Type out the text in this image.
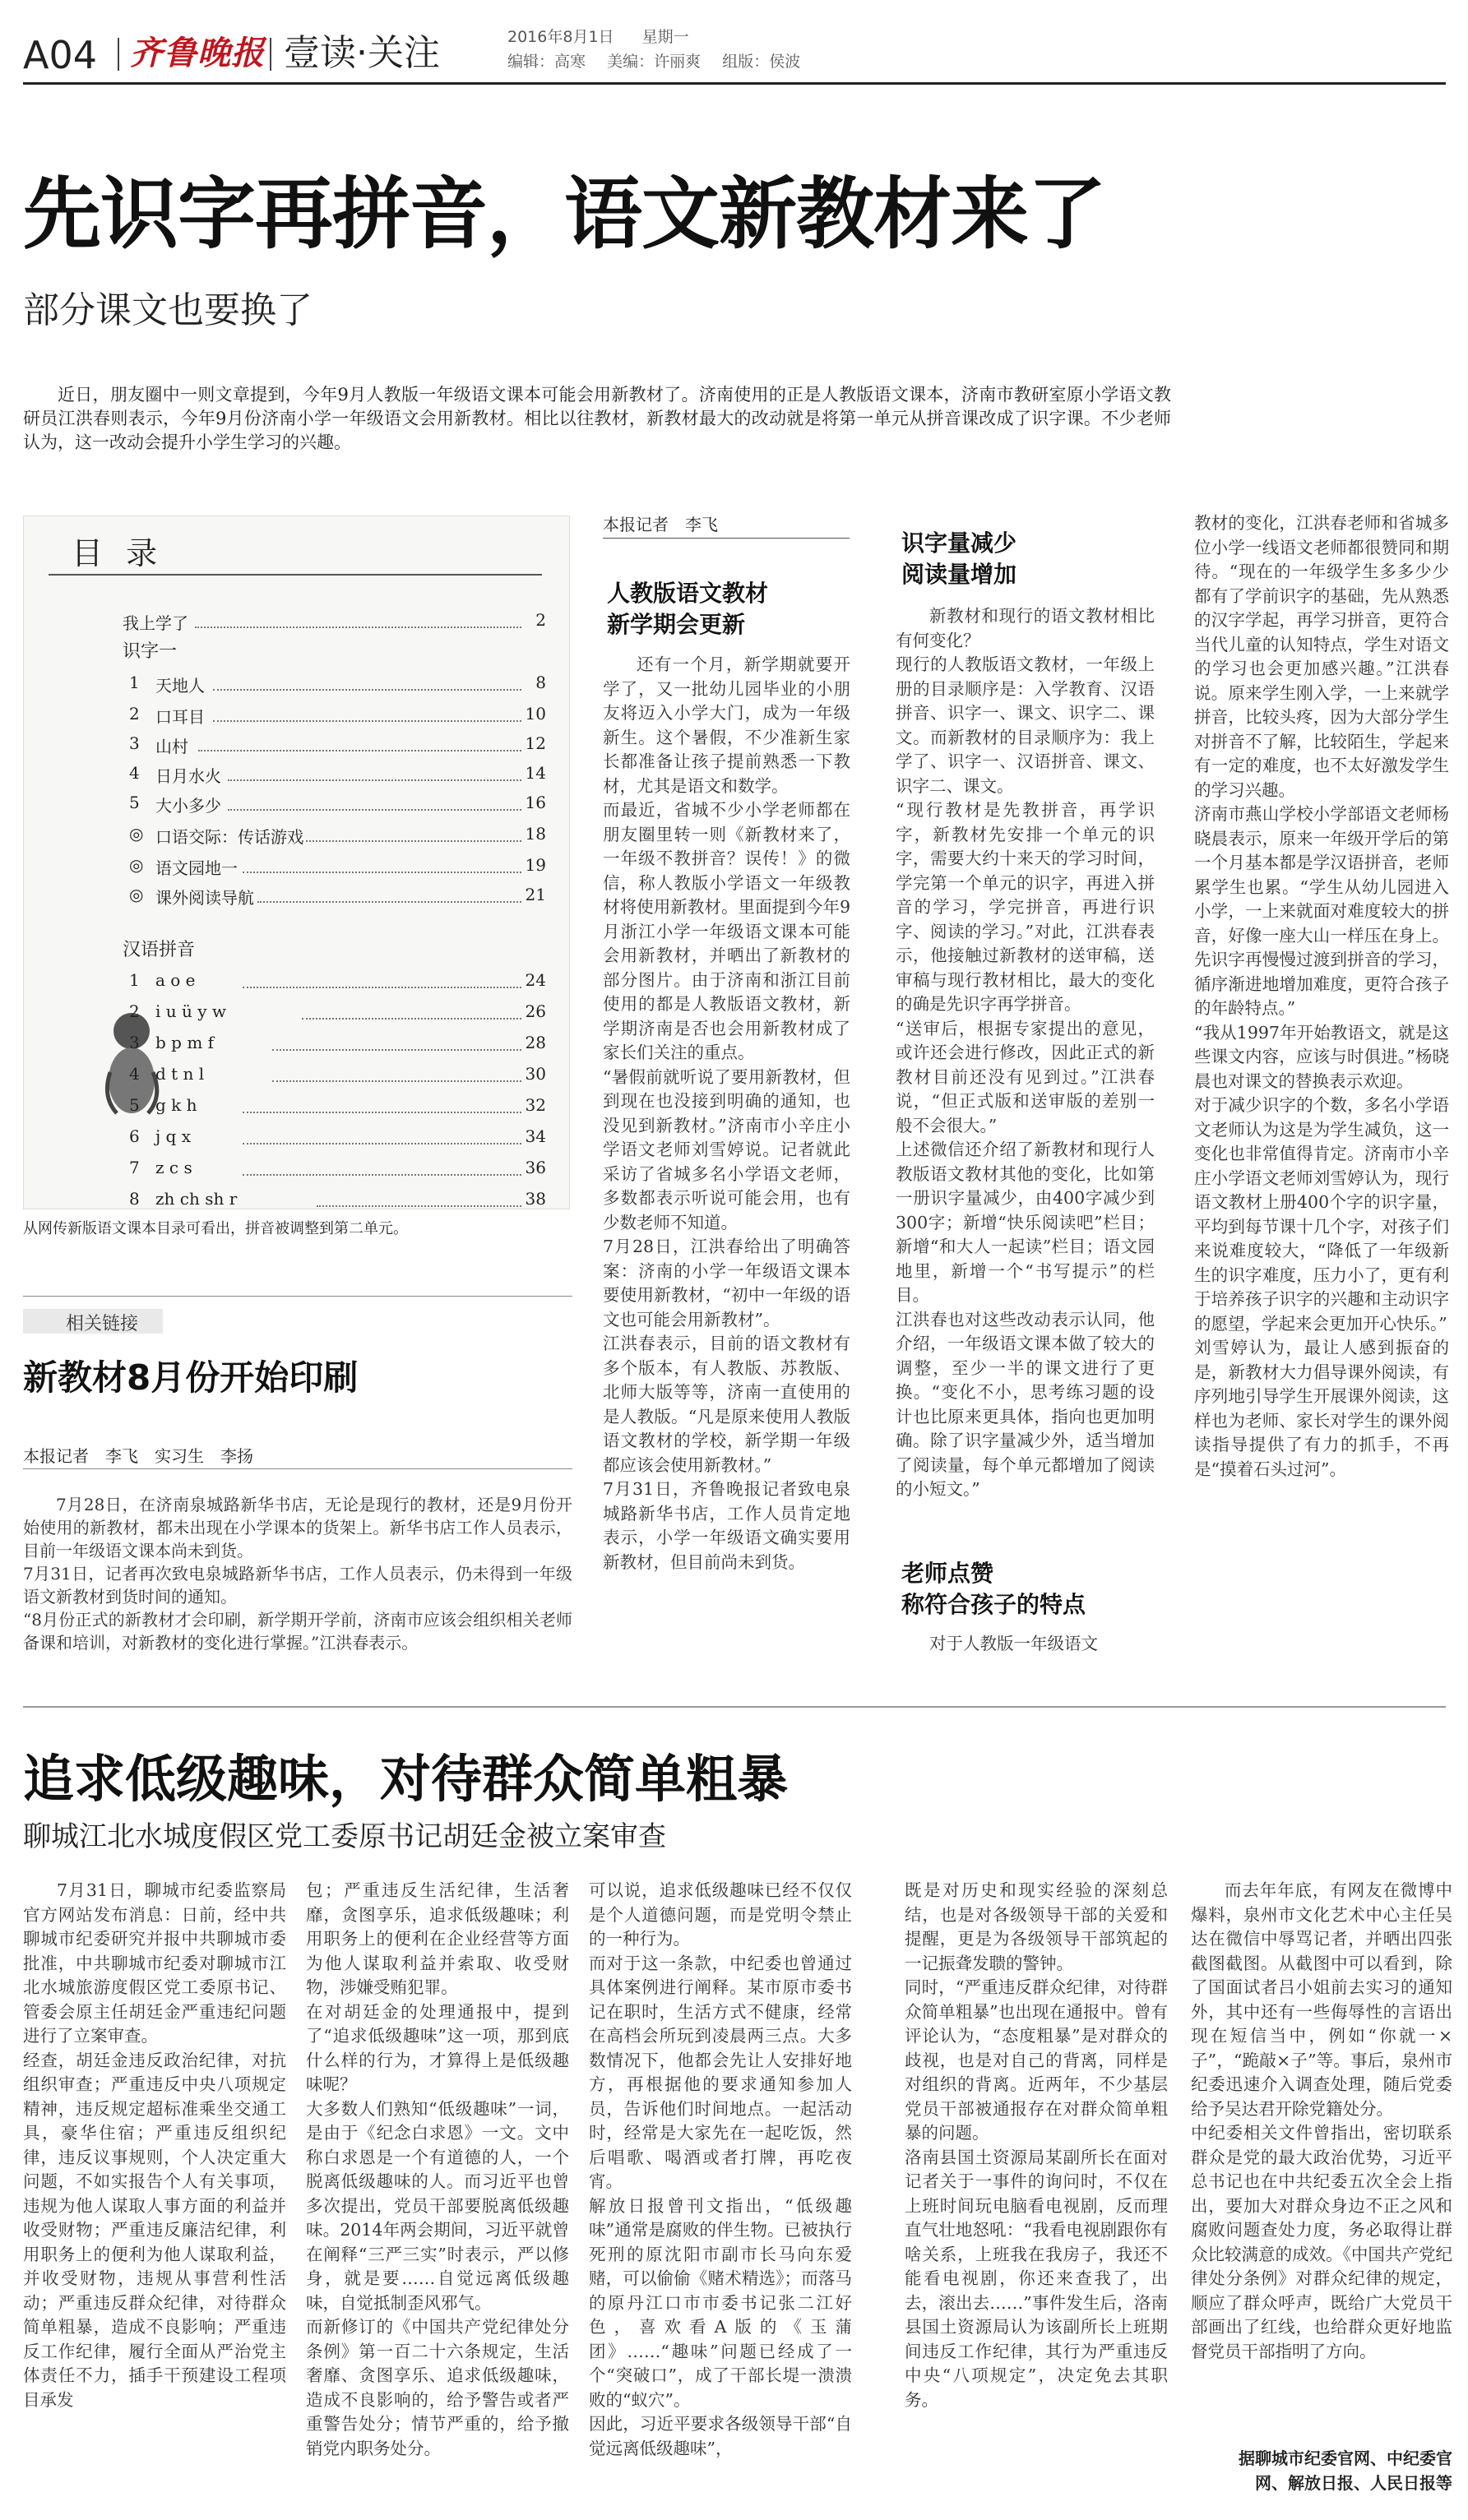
A04 齐鲁晚报 壹读·关注	2016年8月1日 星期一
编辑：高寒 美编：许丽爽 组版：侯波
先识字再拼音，语文新教材来了
部分课文也要换了
近日，朋友圈中一则文章提到，今年9月人教版一年级语文课本可能会用新教材了。济南使用的正是人教版语文课本，济南市教研室原小学语文教研员江洪春则表示，今年9月份济南小学一年级语文会用新教材。相比以往教材，新教材最大的改动就是将第一单元从拼音课改成了识字课。不少老师认为，这一改动会提升小学生学习的兴趣。
目 录
我上学了	2
识字一
1 天地人	8
2 口耳目	10
3 山村	12
4 日月水火	14
5 大小多少	16
◎ 口语交际：传话游戏	18
◎ 语文园地一	19
◎ 课外阅读导航	21
汉语拼音
1 a o e	24
2 i u ü y w	26
3 b p m f	28
4 d t n l	30
5 g k h	32
6 j q x	34
7 z c s	36
8 zh ch sh r	38
从网传新版语文课本目录可看出，拼音被调整到第二单元。
本报记者　李飞
人教版语文教材
新学期会更新
还有一个月，新学期就要开学了，又一批幼儿园毕业的小朋友将迈入小学大门，成为一年级新生。这个暑假，不少准新生家长都准备让孩子提前熟悉一下教材，尤其是语文和数学。
而最近，省城不少小学老师都在朋友圈里转一则《新教材来了，一年级不教拼音？误传！》的微信，称人教版小学语文一年级教材将使用新教材。里面提到今年9月浙江小学一年级语文课本可能会用新教材，并晒出了新教材的部分图片。由于济南和浙江目前使用的都是人教版语文教材，新学期济南是否也会用新教材成了家长们关注的重点。
“暑假前就听说了要用新教材，但到现在也没接到明确的通知，也没见到新教材。”济南市小辛庄小学语文老师刘雪婷说。记者就此采访了省城多名小学语文老师，多数都表示听说可能会用，也有少数老师不知道。
7月28日，江洪春给出了明确答案：济南的小学一年级语文课本要使用新教材，“初中一年级的语文也可能会用新教材”。
江洪春表示，目前的语文教材有多个版本，有人教版、苏教版、北师大版等等，济南一直使用的是人教版。“凡是原来使用人教版语文教材的学校，新学期一年级都应该会使用新教材。”
7月31日，齐鲁晚报记者致电泉城路新华书店，工作人员肯定地表示，小学一年级语文确实要用新教材，但目前尚未到货。
识字量减少
阅读量增加
新教材和现行的语文教材相比有何变化？
现行的人教版语文教材，一年级上册的目录顺序是：入学教育、汉语拼音、识字一、课文、识字二、课文。而新教材的目录顺序为：我上学了、识字一、汉语拼音、课文、识字二、课文。
“现行教材是先教拼音，再学识字，新教材先安排一个单元的识字，需要大约十来天的学习时间，学完第一个单元的识字，再进入拼音的学习，学完拼音，再进行识字、阅读的学习。”对此，江洪春表示，他接触过新教材的送审稿，送审稿与现行教材相比，最大的变化的确是先识字再学拼音。
“送审后，根据专家提出的意见，或许还会进行修改，因此正式的新教材目前还没有见到过。”江洪春说，“但正式版和送审版的差别一般不会很大。”
上述微信还介绍了新教材和现行人教版语文教材其他的变化，比如第一册识字量减少，由400字减少到300字；新增“快乐阅读吧”栏目；新增“和大人一起读”栏目；语文园地里，新增一个“书写提示”的栏目。
江洪春也对这些改动表示认同，他介绍，一年级语文课本做了较大的调整，至少一半的课文进行了更换。“变化不小，思考练习题的设计也比原来更具体，指向也更加明确。除了识字量减少外，适当增加了阅读量，每个单元都增加了阅读的小短文。”
老师点赞
称符合孩子的特点
对于人教版一年级语文
教材的变化，江洪春老师和省城多位小学一线语文老师都很赞同和期待。“现在的一年级学生多多少少都有了学前识字的基础，先从熟悉的汉字学起，再学习拼音，更符合当代儿童的认知特点，学生对语文的学习也会更加感兴趣。”江洪春说。原来学生刚入学，一上来就学拼音，比较头疼，因为大部分学生对拼音不了解，比较陌生，学起来有一定的难度，也不太好激发学生的学习兴趣。
济南市燕山学校小学部语文老师杨晓晨表示，原来一年级开学后的第一个月基本都是学汉语拼音，老师累学生也累。“学生从幼儿园进入小学，一上来就面对难度较大的拼音，好像一座大山一样压在身上。先识字再慢慢过渡到拼音的学习，循序渐进地增加难度，更符合孩子的年龄特点。”
“我从1997年开始教语文，就是这些课文内容，应该与时俱进。”杨晓晨也对课文的替换表示欢迎。
对于减少识字的个数，多名小学语文老师认为这是为学生减负，这一变化也非常值得肯定。济南市小辛庄小学语文老师刘雪婷认为，现行语文教材上册400个字的识字量，平均到每节课十几个字，对孩子们来说难度较大，“降低了一年级新生的识字难度，压力小了，更有利于培养孩子识字的兴趣和主动识字的愿望，学起来会更加开心快乐。”
刘雪婷认为，最让人感到振奋的是，新教材大力倡导课外阅读，有序列地引导学生开展课外阅读，这样也为老师、家长对学生的课外阅读指导提供了有力的抓手，不再是“摸着石头过河”。
相关链接
新教材8月份开始印刷
本报记者　李飞　实习生　李扬
7月28日，在济南泉城路新华书店，无论是现行的教材，还是9月份开始使用的新教材，都未出现在小学课本的货架上。新华书店工作人员表示，目前一年级语文课本尚未到货。
7月31日，记者再次致电泉城路新华书店，工作人员表示，仍未得到一年级语文新教材到货时间的通知。
“8月份正式的新教材才会印刷，新学期开学前，济南市应该会组织相关老师备课和培训，对新教材的变化进行掌握。”江洪春表示。
追求低级趣味，对待群众简单粗暴
聊城江北水城度假区党工委原书记胡廷金被立案审查
7月31日，聊城市纪委监察局官方网站发布消息：日前，经中共聊城市纪委研究并报中共聊城市委批准，中共聊城市纪委对聊城市江北水城旅游度假区党工委原书记、管委会原主任胡廷金严重违纪问题进行了立案审查。
经查，胡廷金违反政治纪律，对抗组织审查；严重违反中央八项规定精神，违反规定超标准乘坐交通工具，豪华住宿；严重违反组织纪律，违反议事规则，个人决定重大问题，不如实报告个人有关事项，违规为他人谋取人事方面的利益并收受财物；严重违反廉洁纪律，利用职务上的便利为他人谋取利益，并收受财物，违规从事营利性活动；严重违反群众纪律，对待群众简单粗暴，造成不良影响；严重违反工作纪律，履行全面从严治党主体责任不力，插手干预建设工程项目承发
包；严重违反生活纪律，生活奢靡，贪图享乐，追求低级趣味；利用职务上的便利在企业经营等方面为他人谋取利益并索取、收受财物，涉嫌受贿犯罪。
在对胡廷金的处理通报中，提到了“追求低级趣味”这一项，那到底什么样的行为，才算得上是低级趣味呢？
大多数人们熟知“低级趣味”一词，是由于《纪念白求恩》一文。文中称白求恩是一个有道德的人，一个脱离低级趣味的人。而习近平也曾多次提出，党员干部要脱离低级趣味。2014年两会期间，习近平就曾在阐释“三严三实”时表示，严以修身，就是要……自觉远离低级趣味，自觉抵制歪风邪气。
而新修订的《中国共产党纪律处分条例》第一百二十六条规定，生活奢靡、贪图享乐、追求低级趣味，造成不良影响的，给予警告或者严重警告处分；情节严重的，给予撤销党内职务处分。
可以说，追求低级趣味已经不仅仅是个人道德问题，而是党明令禁止的一种行为。
而对于这一条款，中纪委也曾通过具体案例进行阐释。某市原市委书记在职时，生活方式不健康，经常在高档会所玩到凌晨两三点。大多数情况下，他都会先让人安排好地方，再根据他的要求通知参加人员，告诉他们时间地点。一起活动时，经常是大家先在一起吃饭，然后唱歌、喝酒或者打牌，再吃夜宵。
解放日报曾刊文指出，“低级趣味”通常是腐败的伴生物。已被执行死刑的原沈阳市副市长马向东爱赌，可以偷偷《赌术精选》；而落马的原丹江口市市委书记张二江好色，喜欢看A版的《玉蒲团》……“趣味”问题已经成了一个“突破口”，成了干部长堤一溃溃败的“蚁穴”。
因此，习近平要求各级领导干部“自觉远离低级趣味”，
既是对历史和现实经验的深刻总结，也是对各级领导干部的关爱和提醒，更是为各级领导干部筑起的一记振聋发聩的警钟。
同时，“严重违反群众纪律，对待群众简单粗暴”也出现在通报中。曾有评论认为，“态度粗暴”是对群众的歧视，也是对自己的背离，同样是对组织的背离。近两年，不少基层党员干部被通报存在对群众简单粗暴的问题。
洛南县国土资源局某副所长在面对记者关于一事件的询问时，不仅在上班时间玩电脑看电视剧，反而理直气壮地怒吼：“我看电视剧跟你有啥关系，上班我在我房子，我还不能看电视剧，你还来查我了，出去，滚出去……”事件发生后，洛南县国土资源局认为该副所长上班期间违反工作纪律，其行为严重违反中央“八项规定”，决定免去其职务。
而去年年底，有网友在微博中爆料，泉州市文化艺术中心主任吴达在微信中辱骂记者，并晒出四张截图截图。从截图中可以看到，除了国面试者吕小姐前去实习的通知外，其中还有一些侮辱性的言语出现在短信当中，例如“你就一×子”，“跪敲×子”等。事后，泉州市纪委迅速介入调查处理，随后党委给予吴达君开除党籍处分。
中纪委相关文件曾指出，密切联系群众是党的最大政治优势，习近平总书记也在中共纪委五次全会上指出，要加大对群众身边不正之风和腐败问题查处力度，务必取得让群众比较满意的成效。《中国共产党纪律处分条例》对群众纪律的规定，顺应了群众呼声，既给广大党员干部画出了红线，也给群众更好地监督党员干部指明了方向。
据聊城市纪委官网、中纪委官网、解放日报、人民日报等
